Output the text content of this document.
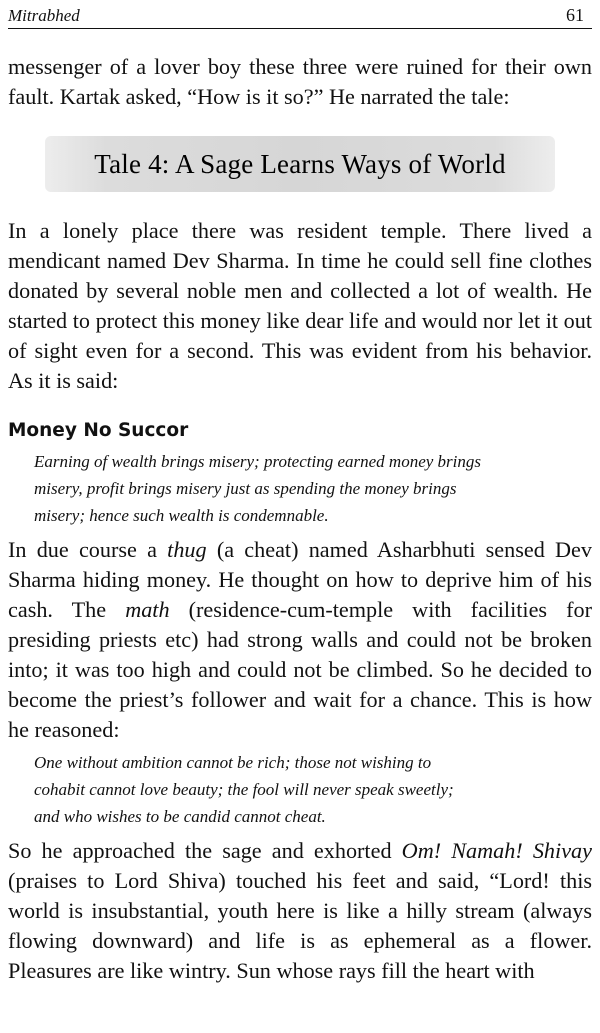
Mitrabhed	61

messenger of a lover boy these three were ruined for their own fault. Kartak asked, “How is it so?” He narrated the tale:

Tale 4: A Sage Learns Ways of World

In a lonely place there was resident temple. There lived a mendicant named Dev Sharma. In time he could sell fine clothes donated by several noble men and collected a lot of wealth. He started to protect this money like dear life and would nor let it out of sight even for a second. This was evident from his behavior. As it is said:

Money No Succor
Earning of wealth brings misery; protecting earned money brings
misery, profit brings misery just as spending the money brings
misery; hence such wealth is condemnable.

In due course a thug (a cheat) named Asharbhuti sensed Dev Sharma hiding money. He thought on how to deprive him of his cash. The math (residence-cum-temple with facilities for presiding priests etc) had strong walls and could not be broken into; it was too high and could not be climbed. So he decided to become the priest’s follower and wait for a chance. This is how he reasoned:

One without ambition cannot be rich; those not wishing to
cohabit cannot love beauty; the fool will never speak sweetly;
and who wishes to be candid cannot cheat.

So he approached the sage and exhorted Om! Namah! Shivay (praises to Lord Shiva) touched his feet and said, “Lord! this world is insubstantial, youth here is like a hilly stream (always flowing downward) and life is as ephemeral as a flower. Pleasures are like wintry. Sun whose rays fill the heart with
